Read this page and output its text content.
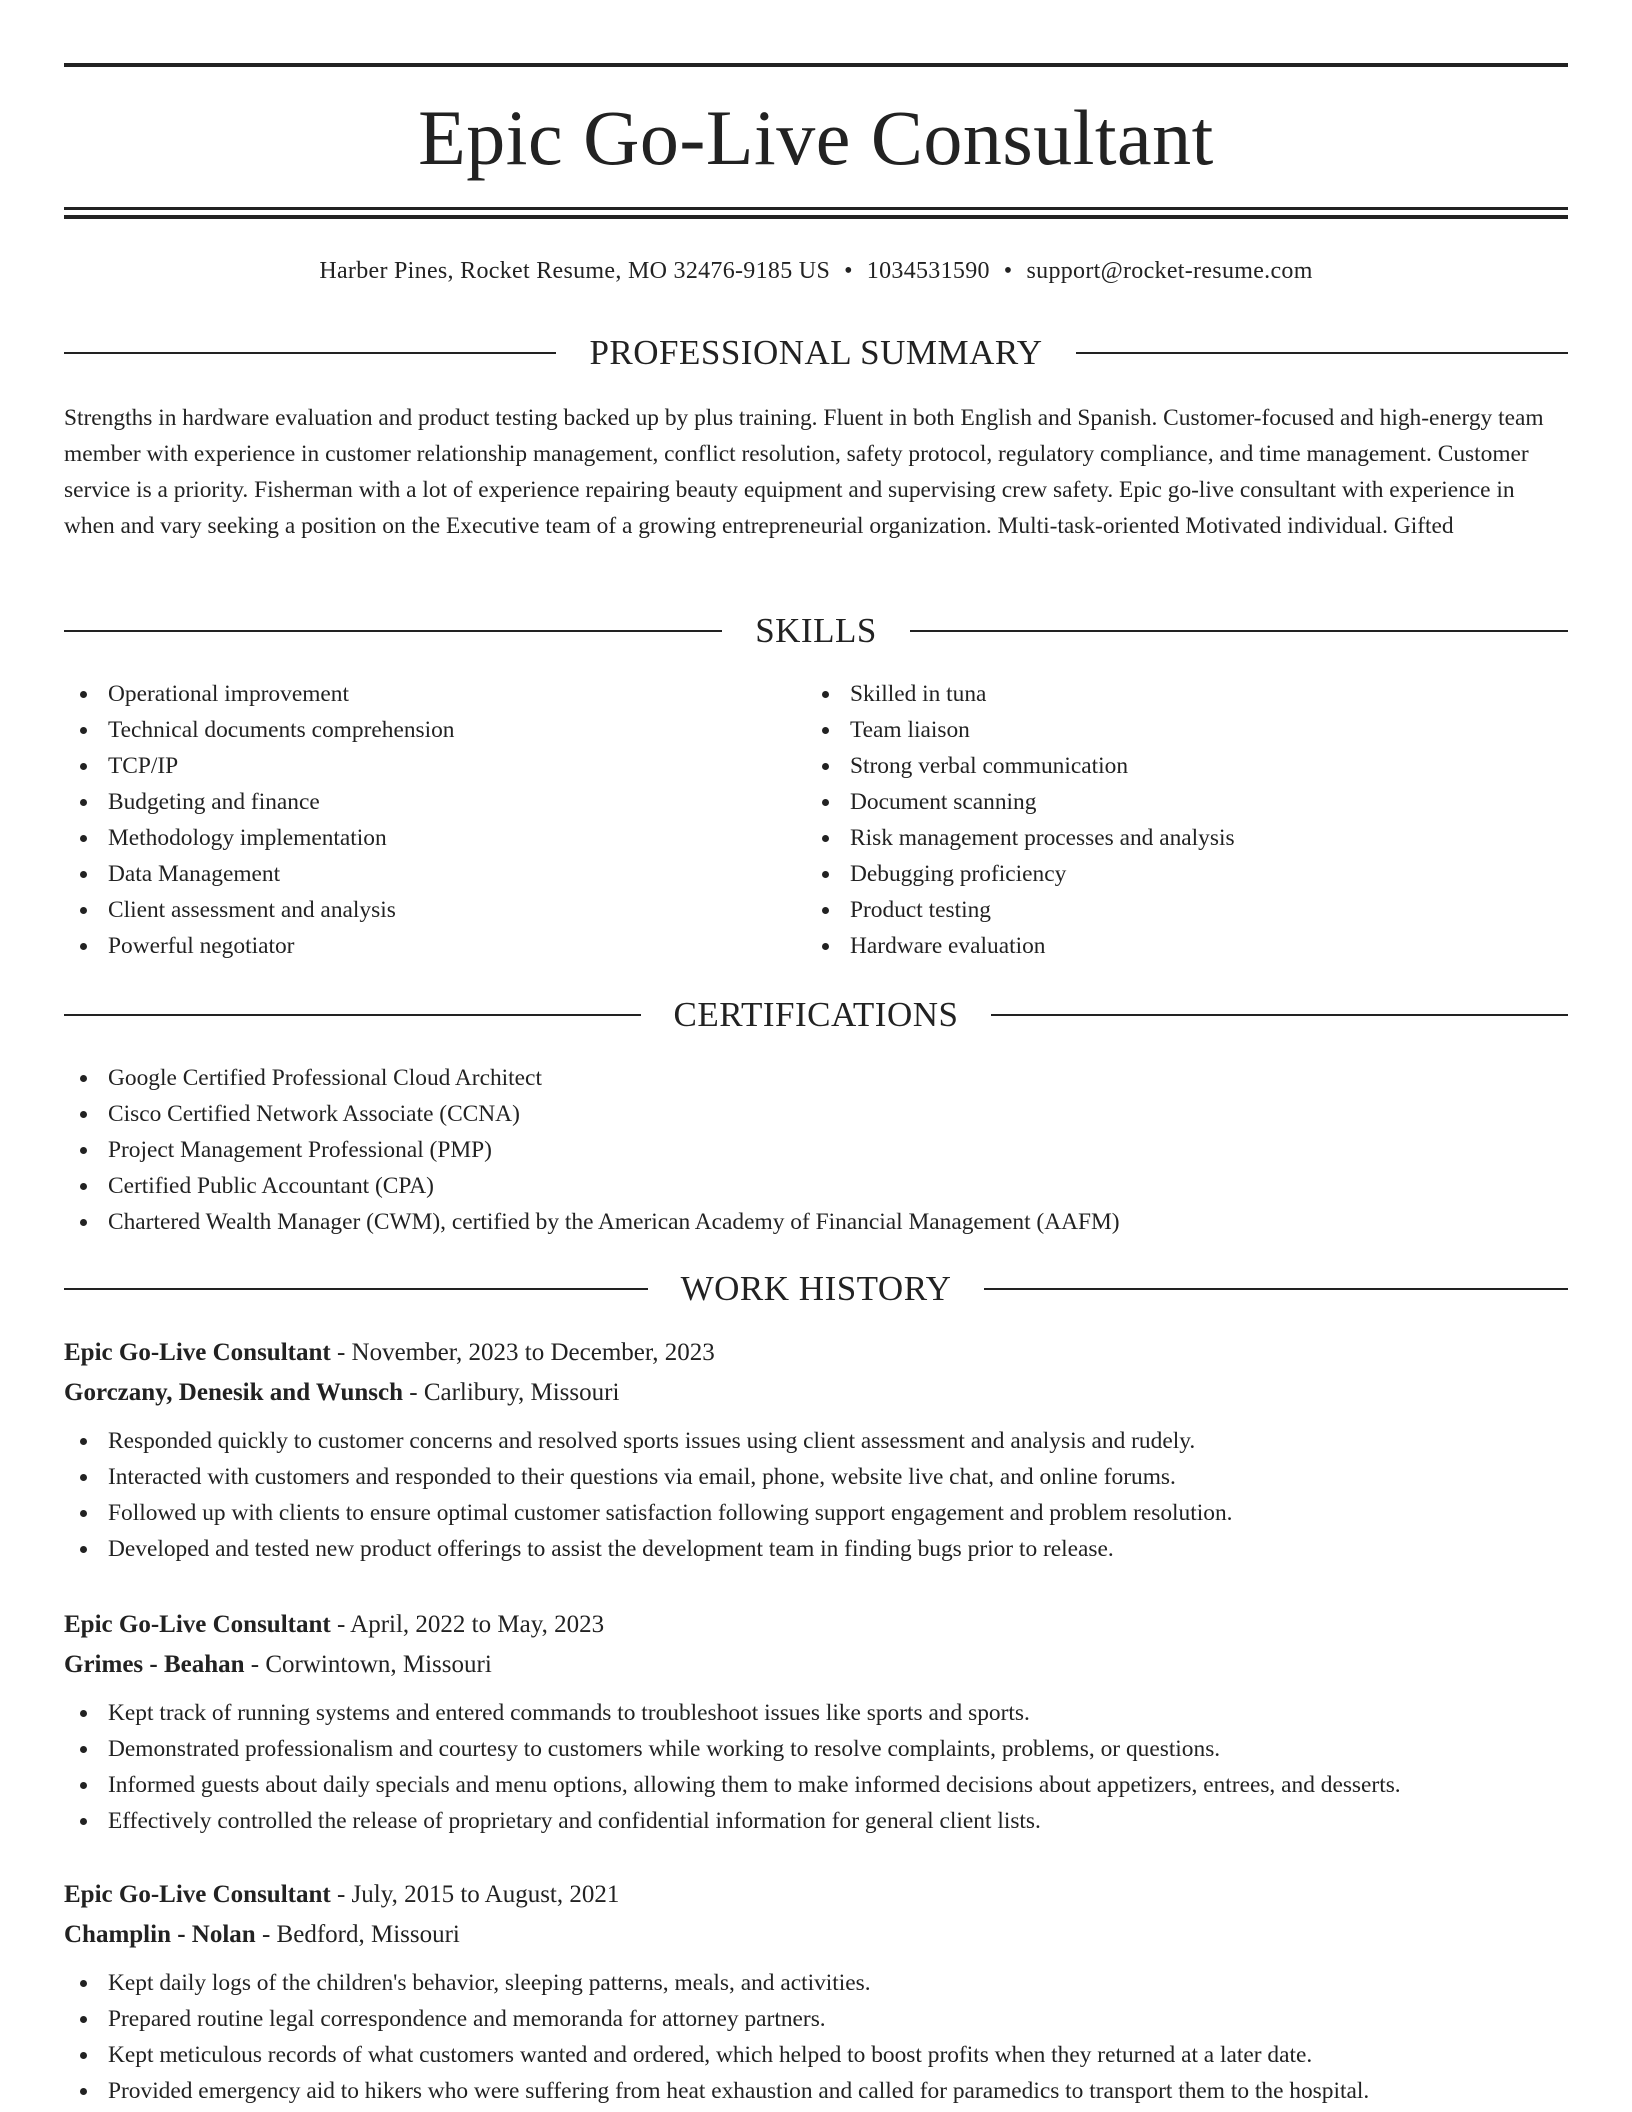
Epic Go-Live Consultant
Harber Pines, Rocket Resume, MO 32476-9185 US • 1034531590 • support@rocket-resume.com
PROFESSIONAL SUMMARY
Strengths in hardware evaluation and product testing backed up by plus training. Fluent in both English and Spanish. Customer-focused and high-energy team member with experience in customer relationship management, conflict resolution, safety protocol, regulatory compliance, and time management. Customer service is a priority. Fisherman with a lot of experience repairing beauty equipment and supervising crew safety. Epic go-live consultant with experience in when and vary seeking a position on the Executive team of a growing entrepreneurial organization. Multi-task-oriented Motivated individual. Gifted
SKILLS
Operational improvement
Technical documents comprehension
TCP/IP
Budgeting and finance
Methodology implementation
Data Management
Client assessment and analysis
Powerful negotiator
Skilled in tuna
Team liaison
Strong verbal communication
Document scanning
Risk management processes and analysis
Debugging proficiency
Product testing
Hardware evaluation
CERTIFICATIONS
Google Certified Professional Cloud Architect
Cisco Certified Network Associate (CCNA)
Project Management Professional (PMP)
Certified Public Accountant (CPA)
Chartered Wealth Manager (CWM), certified by the American Academy of Financial Management (AAFM)
WORK HISTORY
Epic Go-Live Consultant - November, 2023 to December, 2023
Gorczany, Denesik and Wunsch - Carlibury, Missouri
Responded quickly to customer concerns and resolved sports issues using client assessment and analysis and rudely.
Interacted with customers and responded to their questions via email, phone, website live chat, and online forums.
Followed up with clients to ensure optimal customer satisfaction following support engagement and problem resolution.
Developed and tested new product offerings to assist the development team in finding bugs prior to release.
Epic Go-Live Consultant - April, 2022 to May, 2023
Grimes - Beahan - Corwintown, Missouri
Kept track of running systems and entered commands to troubleshoot issues like sports and sports.
Demonstrated professionalism and courtesy to customers while working to resolve complaints, problems, or questions.
Informed guests about daily specials and menu options, allowing them to make informed decisions about appetizers, entrees, and desserts.
Effectively controlled the release of proprietary and confidential information for general client lists.
Epic Go-Live Consultant - July, 2015 to August, 2021
Champlin - Nolan - Bedford, Missouri
Kept daily logs of the children's behavior, sleeping patterns, meals, and activities.
Prepared routine legal correspondence and memoranda for attorney partners.
Kept meticulous records of what customers wanted and ordered, which helped to boost profits when they returned at a later date.
Provided emergency aid to hikers who were suffering from heat exhaustion and called for paramedics to transport them to the hospital.
